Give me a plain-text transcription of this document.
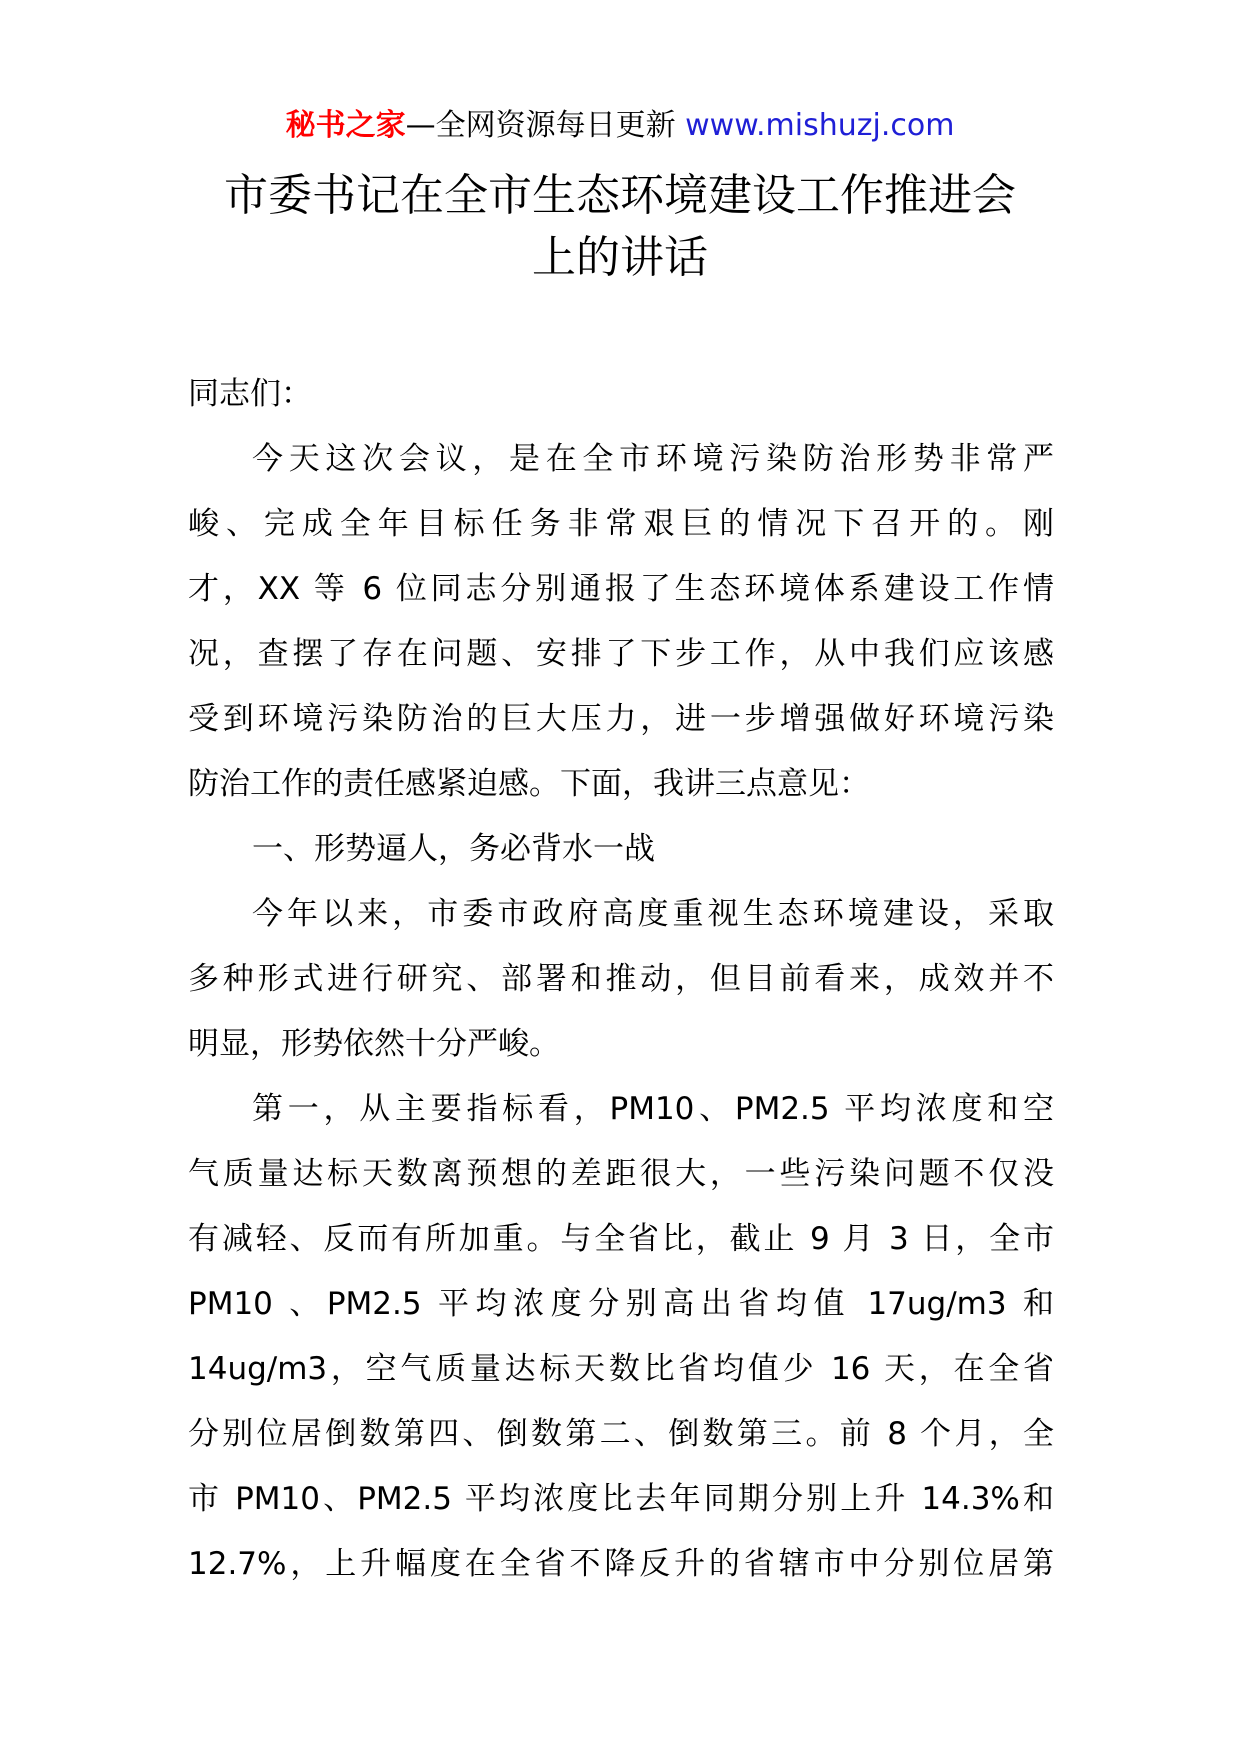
秘书之家—全网资源每日更新 www.mishuzj.com
市委书记在全市生态环境建设工作推进会
上的讲话
同志们：
今天这次会议，是在全市环境污染防治形势非常严
峻、完成全年目标任务非常艰巨的情况下召开的。刚
才，XX 等 6 位同志分别通报了生态环境体系建设工作情
况，查摆了存在问题、安排了下步工作，从中我们应该感
受到环境污染防治的巨大压力，进一步增强做好环境污染
防治工作的责任感紧迫感。下面，我讲三点意见：
一、形势逼人，务必背水一战
今年以来，市委市政府高度重视生态环境建设，采取
多种形式进行研究、部署和推动，但目前看来，成效并不
明显，形势依然十分严峻。
第一，从主要指标看，PM10、PM2.5 平均浓度和空
气质量达标天数离预想的差距很大，一些污染问题不仅没
有减轻、反而有所加重。与全省比，截止 9 月 3 日，全市
PM10 、PM2.5 平均浓度分别高出省均值 17ug/m3 和
14ug/m3，空气质量达标天数比省均值少 16 天，在全省
分别位居倒数第四、倒数第二、倒数第三。前 8 个月，全
市 PM10、PM2.5 平均浓度比去年同期分别上升 14.3%和
12.7%，上升幅度在全省不降反升的省辖市中分别位居第
